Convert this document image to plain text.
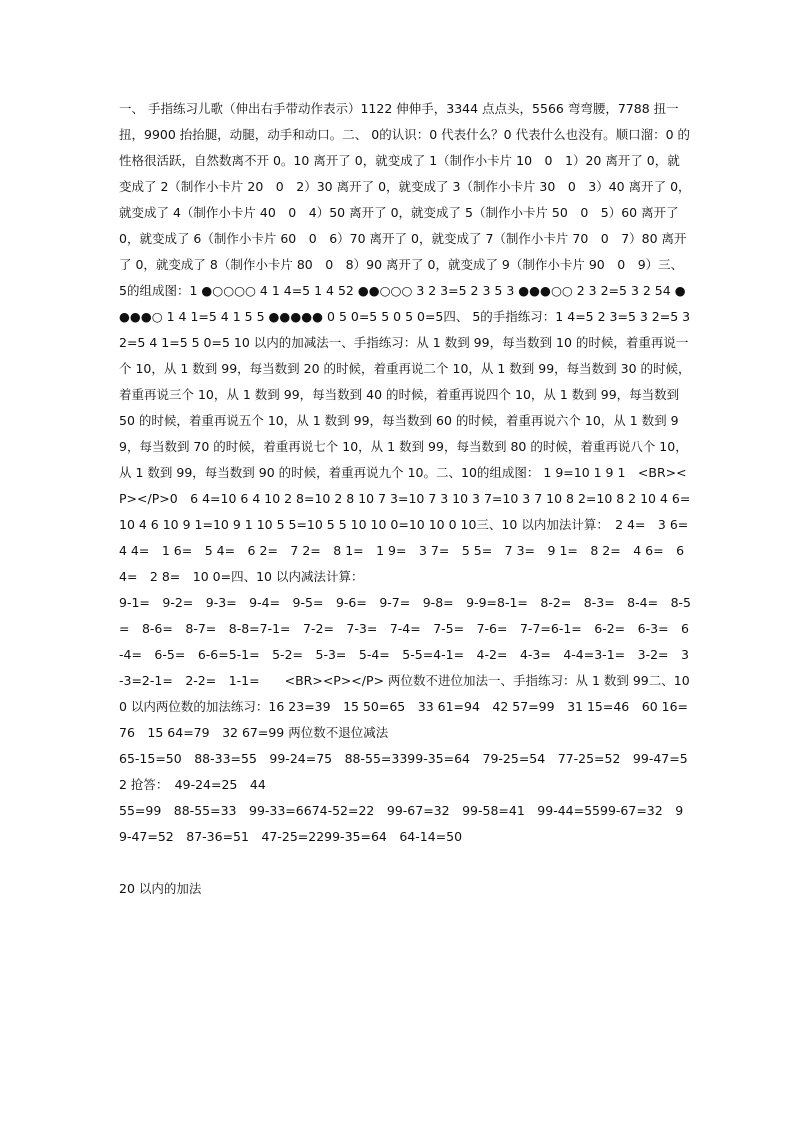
一、 手指练习儿歌（伸出右手带动作表示）1122 伸伸手，3344 点点头，5566 弯弯腰，7788 扭一扭，9900 抬抬腿，动腿，动手和动口。二、 0的认识：0 代表什么？0 代表什么也没有。顺口溜：0 的性格很活跃，自然数离不开 0。10 离开了 0，就变成了 1（制作小卡片 10　0　1）20 离开了 0，就变成了 2（制作小卡片 20　0　2）30 离开了 0，就变成了 3（制作小卡片 30　0　3）40 离开了 0，就变成了 4（制作小卡片 40　0　4）50 离开了 0，就变成了 5（制作小卡片 50　0　5）60 离开了 0，就变成了 6（制作小卡片 60　0　6）70 离开了 0，就变成了 7（制作小卡片 70　0　7）80 离开了 0，就变成了 8（制作小卡片 80　0　8）90 离开了 0，就变成了 9（制作小卡片 90　0　9）三、 5的组成图：1 ●○○○○ 4 1 4=5 1 4 52 ●●○○○ 3 2 3=5 2 3 5 3 ●●●○○ 2 3 2=5 3 2 54 ●●●●○ 1 4 1=5 4 1 5 5 ●●●●● 0 5 0=5 5 0 5 0=5四、 5的手指练习：1 4=5 2 3=5 3 2=5 3 2=5 4 1=5 5 0=5 10 以内的加减法一、手指练习：从 1 数到 99，每当数到 10 的时候，着重再说一个 10，从 1 数到 99，每当数到 20 的时候，着重再说二个 10，从 1 数到 99，每当数到 30 的时候，着重再说三个 10，从 1 数到 99，每当数到 40 的时候，着重再说四个 10，从 1 数到 99，每当数到 50 的时候，着重再说五个 10，从 1 数到 99，每当数到 60 的时候，着重再说六个 10，从 1 数到 99，每当数到 70 的时候，着重再说七个 10，从 1 数到 99，每当数到 80 的时候，着重再说八个 10，从 1 数到 99，每当数到 90 的时候，着重再说九个 10。二、10的组成图： 1 9=10 1 9 1　<BR><P></P>0　6 4=10 6 4 10 2 8=10 2 8 10 7 3=10 7 3 10 3 7=10 3 7 10 8 2=10 8 2 10 4 6=10 4 6 10 9 1=10 9 1 10 5 5=10 5 5 10 10 0=10 10 0 10三、10 以内加法计算：　2 4=　3 6=　4 4=　1 6=　5 4=　6 2=　7 2=　8 1=　1 9=　3 7=　5 5=　7 3=　9 1=　8 2=　4 6=　6 4=　2 8=　10 0=四、10 以内减法计算：

9-1=　9-2=　9-3=　9-4=　9-5=　9-6=　9-7=　9-8=　9-9=8-1=　8-2=　8-3=　8-4=　8-5=　8-6=　8-7=　8-8=7-1=　7-2=　7-3=　7-4=　7-5=　7-6=　7-7=6-1=　6-2=　6-3=　6-4=　6-5=　6-6=5-1=　5-2=　5-3=　5-4=　5-5=4-1=　4-2=　4-3=　4-4=3-1=　3-2=　3-3=2-1=　2-2=　1-1=　　<BR><P></P> 两位数不进位加法一、手指练习：从 1 数到 99二、100 以内两位数的加法练习：16 23=39　15 50=65　33 61=94　42 57=99　31 15=46　60 16=76　15 64=79　32 67=99 两位数不退位减法

65-15=50　88-33=55　99-24=75　88-55=3399-35=64　79-25=54　77-25=52　99-47=52 抢答：　49-24=25　44

55=99　88-55=33　99-33=6674-52=22　99-67=32　99-58=41　99-44=5599-67=32　99-47=52　87-36=51　47-25=2299-35=64　64-14=50

20 以内的加法
